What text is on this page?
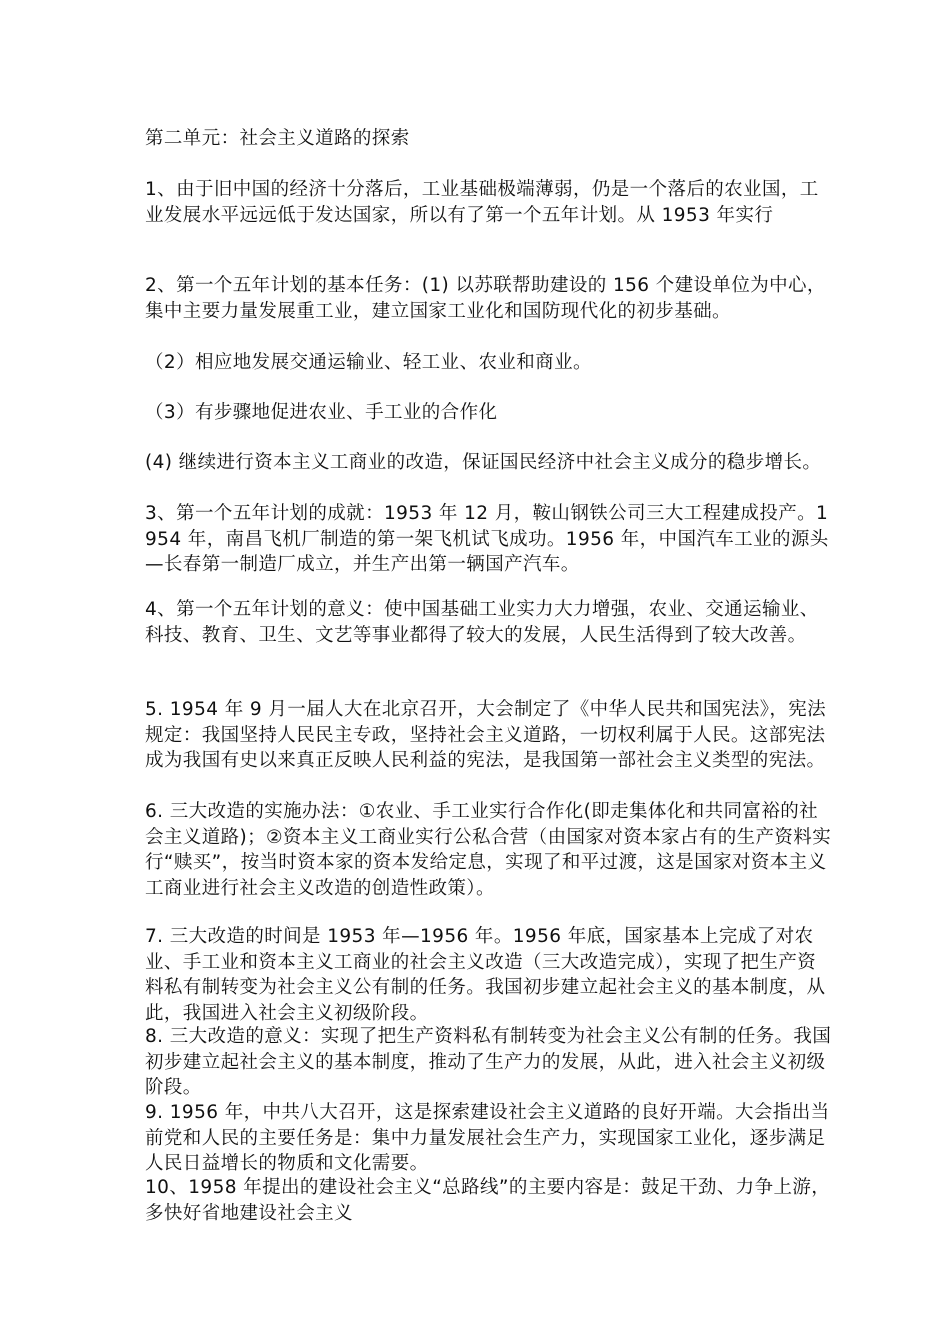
第二单元：社会主义道路的探索

1、由于旧中国的经济十分落后，工业基础极端薄弱，仍是一个落后的农业国，工业发展水平远远低于发达国家，所以有了第一个五年计划。从 1953 年实行

2、第一个五年计划的基本任务：(1) 以苏联帮助建设的 156 个建设单位为中心，集中主要力量发展重工业，建立国家工业化和国防现代化的初步基础。

（2）相应地发展交通运输业、轻工业、农业和商业。

（3）有步骤地促进农业、手工业的合作化

(4) 继续进行资本主义工商业的改造，保证国民经济中社会主义成分的稳步增长。

3、第一个五年计划的成就：1953 年 12 月，鞍山钢铁公司三大工程建成投产。1954 年，南昌飞机厂制造的第一架飞机试飞成功。1956 年，中国汽车工业的源头—长春第一制造厂成立，并生产出第一辆国产汽车。

4、第一个五年计划的意义：使中国基础工业实力大力增强，农业、交通运输业、科技、教育、卫生、文艺等事业都得了较大的发展，人民生活得到了较大改善。

5. 1954 年 9 月一届人大在北京召开，大会制定了《中华人民共和国宪法》，宪法规定：我国坚持人民民主专政，坚持社会主义道路，一切权利属于人民。这部宪法成为我国有史以来真正反映人民利益的宪法，是我国第一部社会主义类型的宪法。

6. 三大改造的实施办法：①农业、手工业实行合作化(即走集体化和共同富裕的社会主义道路)；②资本主义工商业实行公私合营（由国家对资本家占有的生产资料实行“赎买”，按当时资本家的资本发给定息，实现了和平过渡，这是国家对资本主义工商业进行社会主义改造的创造性政策）。

7. 三大改造的时间是 1953 年—1956 年。1956 年底，国家基本上完成了对农业、手工业和资本主义工商业的社会主义改造（三大改造完成），实现了把生产资料私有制转变为社会主义公有制的任务。我国初步建立起社会主义的基本制度，从此，我国进入社会主义初级阶段。

8. 三大改造的意义：实现了把生产资料私有制转变为社会主义公有制的任务。我国初步建立起社会主义的基本制度，推动了生产力的发展，从此，进入社会主义初级阶段。

9. 1956 年，中共八大召开，这是探索建设社会主义道路的良好开端。大会指出当前党和人民的主要任务是：集中力量发展社会生产力，实现国家工业化，逐步满足人民日益增长的物质和文化需要。

10、1958 年提出的建设社会主义“总路线”的主要内容是：鼓足干劲、力争上游，多快好省地建设社会主义
